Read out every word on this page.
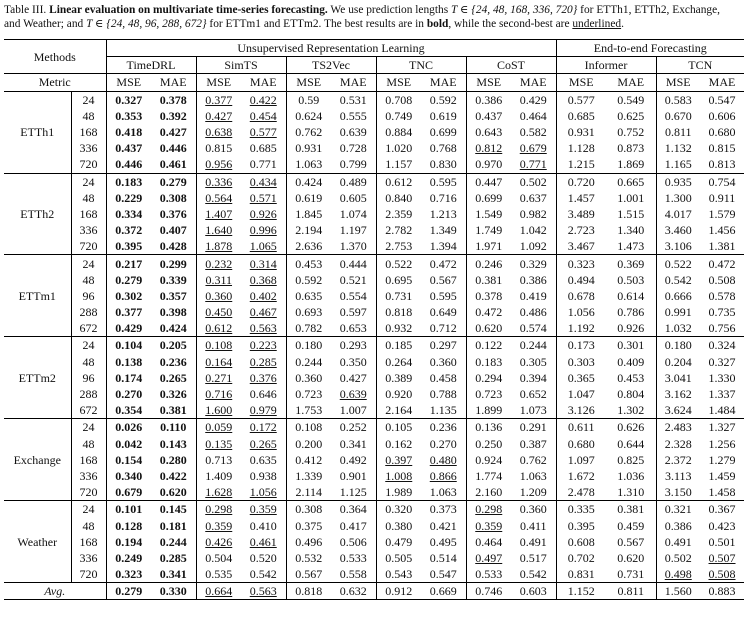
Table III. Linear evaluation on multivariate time-series forecasting. We use prediction lengths T ∈ {24, 48, 168, 336, 720} for ETTh1, ETTh2, Exchange, and Weather; and T ∈ {24, 48, 96, 288, 672} for ETTm1 and ETTm2. The best results are in bold, while the second-best are underlined.
Methods		Unsupervised Representation Learning										End-to-end Forecasting			
		TimeDRL		SimTS		TS2Vec		TNC		CoST		Informer		TCN	
Metric		MSE	MAE	MSE	MAE	MSE	MAE	MSE	MAE	MSE	MAE	MSE	MAE	MSE	MAE
ETTh1	24	0.327	0.378	0.377	0.422	0.59	0.531	0.708	0.592	0.386	0.429	0.577	0.549	0.583	0.547
	48	0.353	0.392	0.427	0.454	0.624	0.555	0.749	0.619	0.437	0.464	0.685	0.625	0.670	0.606
	168	0.418	0.427	0.638	0.577	0.762	0.639	0.884	0.699	0.643	0.582	0.931	0.752	0.811	0.680
	336	0.437	0.446	0.815	0.685	0.931	0.728	1.020	0.768	0.812	0.679	1.128	0.873	1.132	0.815
	720	0.446	0.461	0.956	0.771	1.063	0.799	1.157	0.830	0.970	0.771	1.215	1.869	1.165	0.813
ETTh2	24	0.183	0.279	0.336	0.434	0.424	0.489	0.612	0.595	0.447	0.502	0.720	0.665	0.935	0.754
	48	0.229	0.308	0.564	0.571	0.619	0.605	0.840	0.716	0.699	0.637	1.457	1.001	1.300	0.911
	168	0.334	0.376	1.407	0.926	1.845	1.074	2.359	1.213	1.549	0.982	3.489	1.515	4.017	1.579
	336	0.372	0.407	1.640	0.996	2.194	1.197	2.782	1.349	1.749	1.042	2.723	1.340	3.460	1.456
	720	0.395	0.428	1.878	1.065	2.636	1.370	2.753	1.394	1.971	1.092	3.467	1.473	3.106	1.381
ETTm1	24	0.217	0.299	0.232	0.314	0.453	0.444	0.522	0.472	0.246	0.329	0.323	0.369	0.522	0.472
	48	0.279	0.339	0.311	0.368	0.592	0.521	0.695	0.567	0.381	0.386	0.494	0.503	0.542	0.508
	96	0.302	0.357	0.360	0.402	0.635	0.554	0.731	0.595	0.378	0.419	0.678	0.614	0.666	0.578
	288	0.377	0.398	0.450	0.467	0.693	0.597	0.818	0.649	0.472	0.486	1.056	0.786	0.991	0.735
	672	0.429	0.424	0.612	0.563	0.782	0.653	0.932	0.712	0.620	0.574	1.192	0.926	1.032	0.756
ETTm2	24	0.104	0.205	0.108	0.223	0.180	0.293	0.185	0.297	0.122	0.244	0.173	0.301	0.180	0.324
	48	0.138	0.236	0.164	0.285	0.244	0.350	0.264	0.360	0.183	0.305	0.303	0.409	0.204	0.327
	96	0.174	0.265	0.271	0.376	0.360	0.427	0.389	0.458	0.294	0.394	0.365	0.453	3.041	1.330
	288	0.270	0.326	0.716	0.646	0.723	0.639	0.920	0.788	0.723	0.652	1.047	0.804	3.162	1.337
	672	0.354	0.381	1.600	0.979	1.753	1.007	2.164	1.135	1.899	1.073	3.126	1.302	3.624	1.484
Exchange	24	0.026	0.110	0.059	0.172	0.108	0.252	0.105	0.236	0.136	0.291	0.611	0.626	2.483	1.327
	48	0.042	0.143	0.135	0.265	0.200	0.341	0.162	0.270	0.250	0.387	0.680	0.644	2.328	1.256
	168	0.154	0.280	0.713	0.635	0.412	0.492	0.397	0.480	0.924	0.762	1.097	0.825	2.372	1.279
	336	0.340	0.422	1.409	0.938	1.339	0.901	1.008	0.866	1.774	1.063	1.672	1.036	3.113	1.459
	720	0.679	0.620	1.628	1.056	2.114	1.125	1.989	1.063	2.160	1.209	2.478	1.310	3.150	1.458
Weather	24	0.101	0.145	0.298	0.359	0.308	0.364	0.320	0.373	0.298	0.360	0.335	0.381	0.321	0.367
	48	0.128	0.181	0.359	0.410	0.375	0.417	0.380	0.421	0.359	0.411	0.395	0.459	0.386	0.423
	168	0.194	0.244	0.426	0.461	0.496	0.506	0.479	0.495	0.464	0.491	0.608	0.567	0.491	0.501
	336	0.249	0.285	0.504	0.520	0.532	0.533	0.505	0.514	0.497	0.517	0.702	0.620	0.502	0.507
	720	0.323	0.341	0.535	0.542	0.567	0.558	0.543	0.547	0.533	0.542	0.831	0.731	0.498	0.508
Avg.		0.279	0.330	0.664	0.563	0.818	0.632	0.912	0.669	0.746	0.603	1.152	0.811	1.560	0.883
